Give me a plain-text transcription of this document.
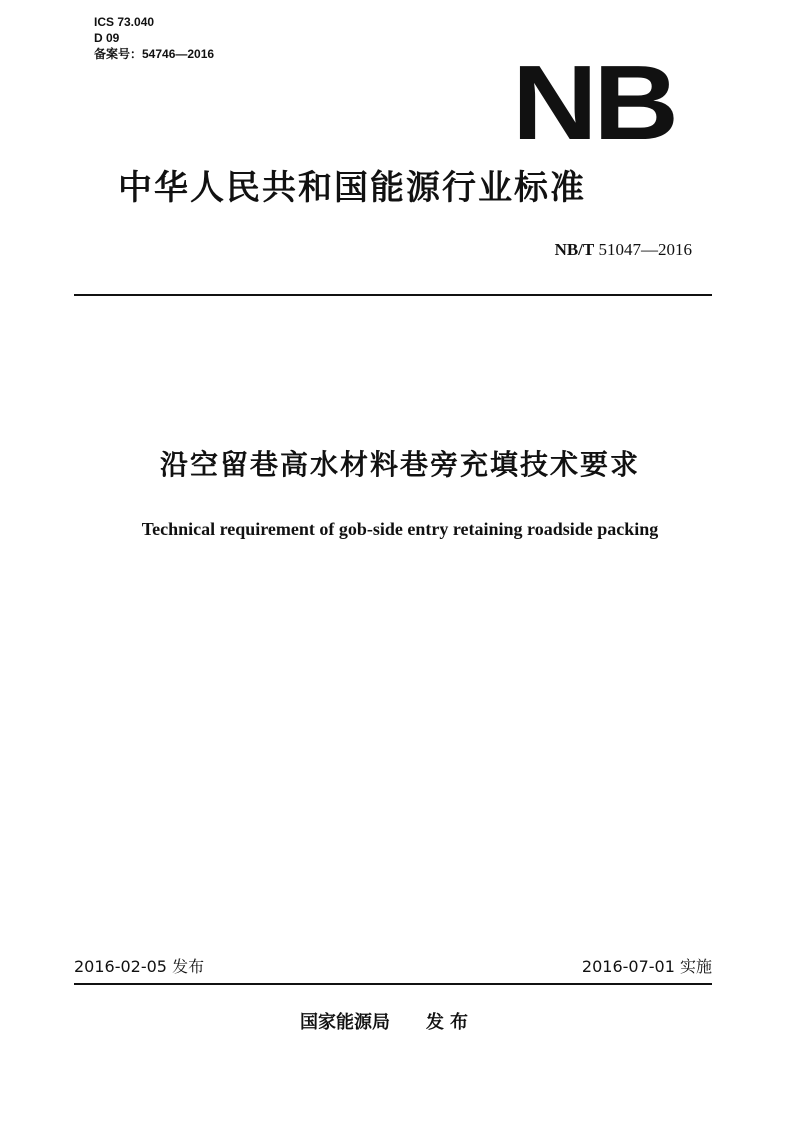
ICS 73.040
D 09
备案号：54746—2016	NB
中华人民共和国能源行业标准
NB/T 51047—2016
沿空留巷高水材料巷旁充填技术要求
Technical requirement of gob-side entry retaining roadside packing
2016-02-05 发布	2016-07-01 实施
国家能源局 发布
